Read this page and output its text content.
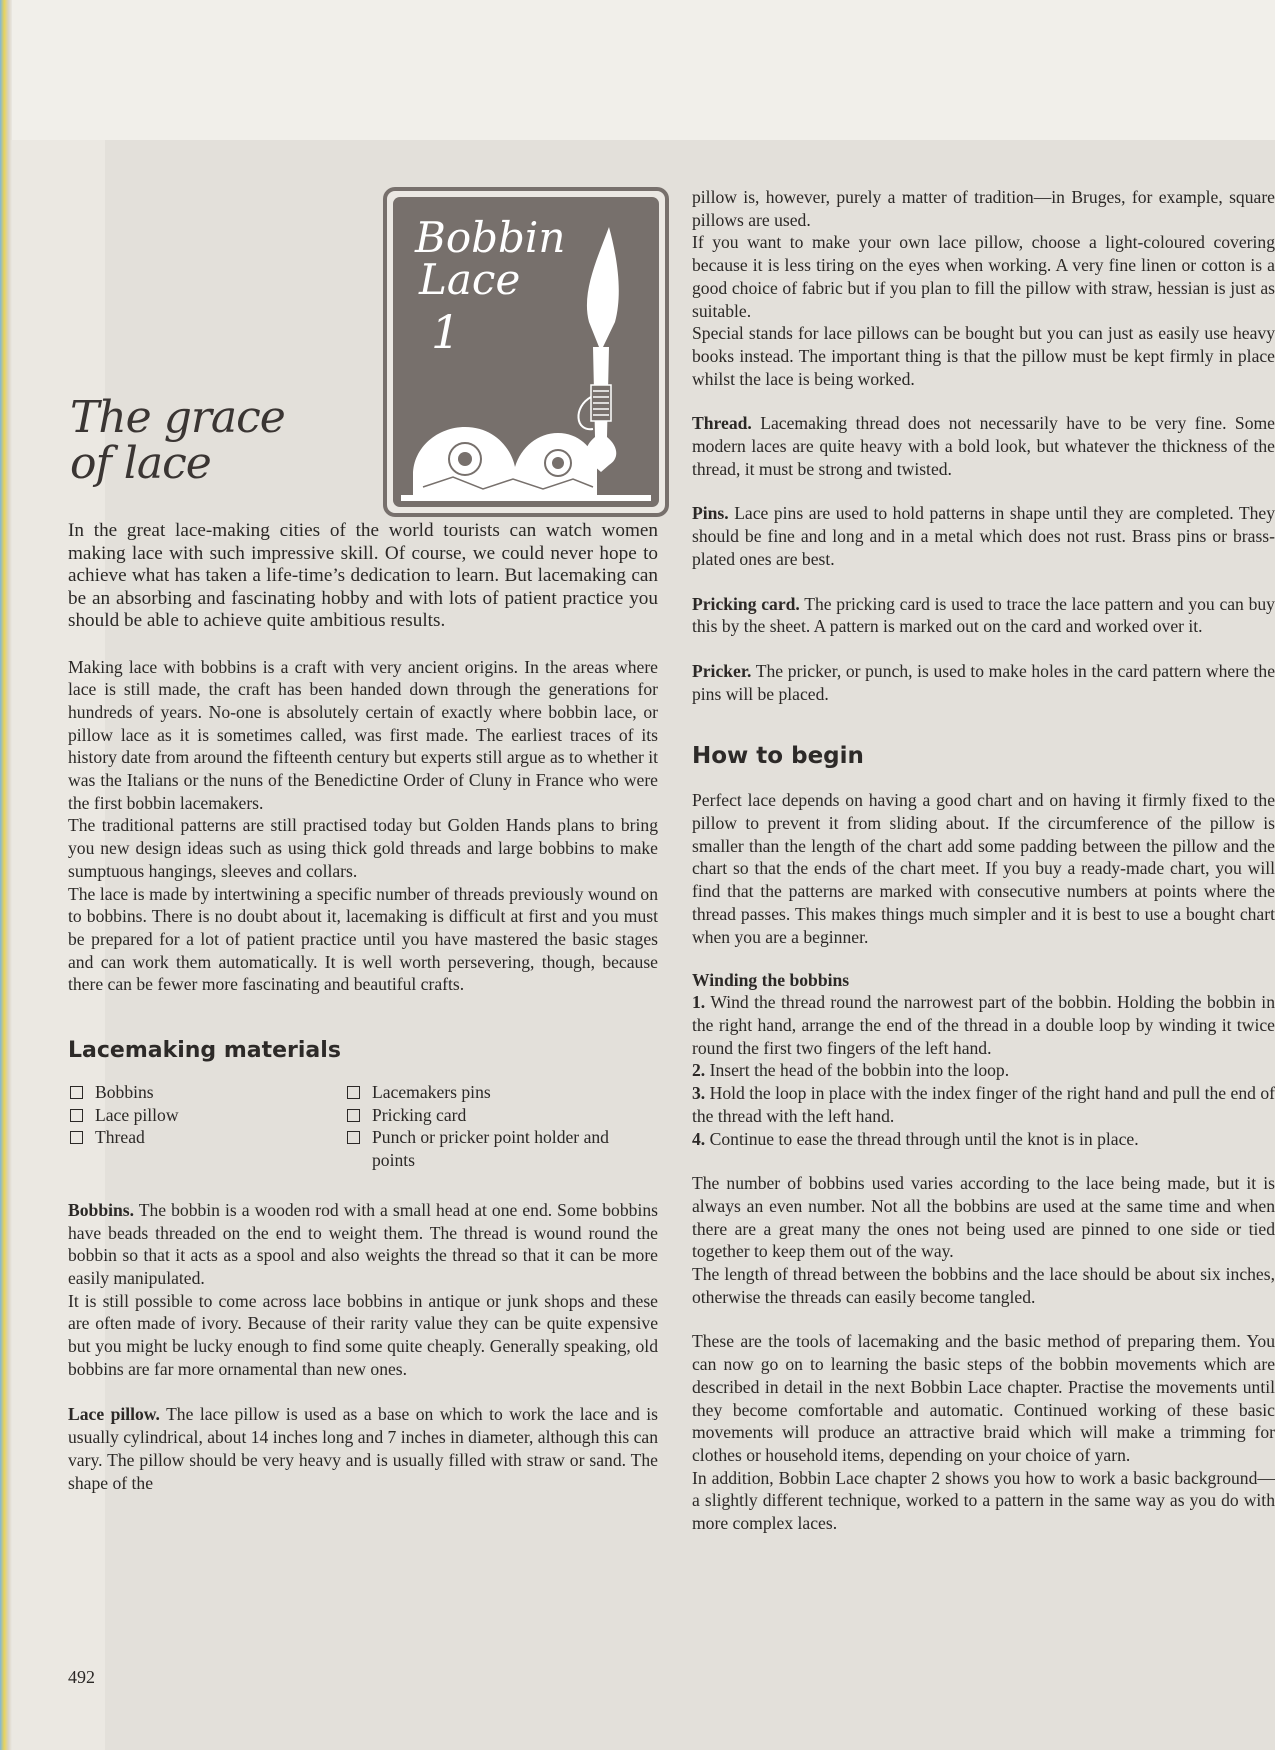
Bobbin
Lace
1
The grace
of lace

In the great lace-making cities of the world tourists can watch women making lace with such impressive skill. Of course, we could never hope to achieve what has taken a life-time’s dedication to learn. But lacemaking can be an absorbing and fascinating hobby and with lots of patient practice you should be able to achieve quite ambitious results.

Making lace with bobbins is a craft with very ancient origins. In the areas where lace is still made, the craft has been handed down through the generations for hundreds of years. No-one is absolutely certain of exactly where bobbin lace, or pillow lace as it is sometimes called, was first made. The earliest traces of its history date from around the fifteenth century but experts still argue as to whether it was the Italians or the nuns of the Benedictine Order of Cluny in France who were the first bobbin lacemakers.

The traditional patterns are still practised today but Golden Hands plans to bring you new design ideas such as using thick gold threads and large bobbins to make sumptuous hangings, sleeves and collars.

The lace is made by intertwining a specific number of threads previously wound on to bobbins. There is no doubt about it, lacemaking is difficult at first and you must be prepared for a lot of patient practice until you have mastered the basic stages and can work them automatically. It is well worth persevering, though, because there can be fewer more fascinating and beautiful crafts.

Lacemaking materials
Bobbins
Lace pillow
Thread
Lacemakers pins
Pricking card
Punch or pricker point holder and points

Bobbins. The bobbin is a wooden rod with a small head at one end. Some bobbins have beads threaded on the end to weight them. The thread is wound round the bobbin so that it acts as a spool and also weights the thread so that it can be more easily manipulated.

It is still possible to come across lace bobbins in antique or junk shops and these are often made of ivory. Because of their rarity value they can be quite expensive but you might be lucky enough to find some quite cheaply. Generally speaking, old bobbins are far more ornamental than new ones.

Lace pillow. The lace pillow is used as a base on which to work the lace and is usually cylindrical, about 14 inches long and 7 inches in diameter, although this can vary. The pillow should be very heavy and is usually filled with straw or sand. The shape of the

492

pillow is, however, purely a matter of tradition—in Bruges, for example, square pillows are used.

If you want to make your own lace pillow, choose a light-coloured covering because it is less tiring on the eyes when working. A very fine linen or cotton is a good choice of fabric but if you plan to fill the pillow with straw, hessian is just as suitable.

Special stands for lace pillows can be bought but you can just as easily use heavy books instead. The important thing is that the pillow must be kept firmly in place whilst the lace is being worked.

Thread. Lacemaking thread does not necessarily have to be very fine. Some modern laces are quite heavy with a bold look, but whatever the thickness of the thread, it must be strong and twisted.

Pins. Lace pins are used to hold patterns in shape until they are completed. They should be fine and long and in a metal which does not rust. Brass pins or brass-plated ones are best.

Pricking card. The pricking card is used to trace the lace pattern and you can buy this by the sheet. A pattern is marked out on the card and worked over it.

Pricker. The pricker, or punch, is used to make holes in the card pattern where the pins will be placed.

How to begin

Perfect lace depends on having a good chart and on having it firmly fixed to the pillow to prevent it from sliding about. If the circumference of the pillow is smaller than the length of the chart add some padding between the pillow and the chart so that the ends of the chart meet. If you buy a ready-made chart, you will find that the patterns are marked with consecutive numbers at points where the thread passes. This makes things much simpler and it is best to use a bought chart when you are a beginner.

Winding the bobbins

1. Wind the thread round the narrowest part of the bobbin. Holding the bobbin in the right hand, arrange the end of the thread in a double loop by winding it twice round the first two fingers of the left hand.

2. Insert the head of the bobbin into the loop.

3. Hold the loop in place with the index finger of the right hand and pull the end of the thread with the left hand.

4. Continue to ease the thread through until the knot is in place.

The number of bobbins used varies according to the lace being made, but it is always an even number. Not all the bobbins are used at the same time and when there are a great many the ones not being used are pinned to one side or tied together to keep them out of the way.

The length of thread between the bobbins and the lace should be about six inches, otherwise the threads can easily become tangled.

These are the tools of lacemaking and the basic method of preparing them. You can now go on to learning the basic steps of the bobbin movements which are described in detail in the next Bobbin Lace chapter. Practise the movements until they become comfortable and automatic. Continued working of these basic movements will produce an attractive braid which will make a trimming for clothes or household items, depending on your choice of yarn.

In addition, Bobbin Lace chapter 2 shows you how to work a basic background—a slightly different technique, worked to a pattern in the same way as you do with more complex laces.
